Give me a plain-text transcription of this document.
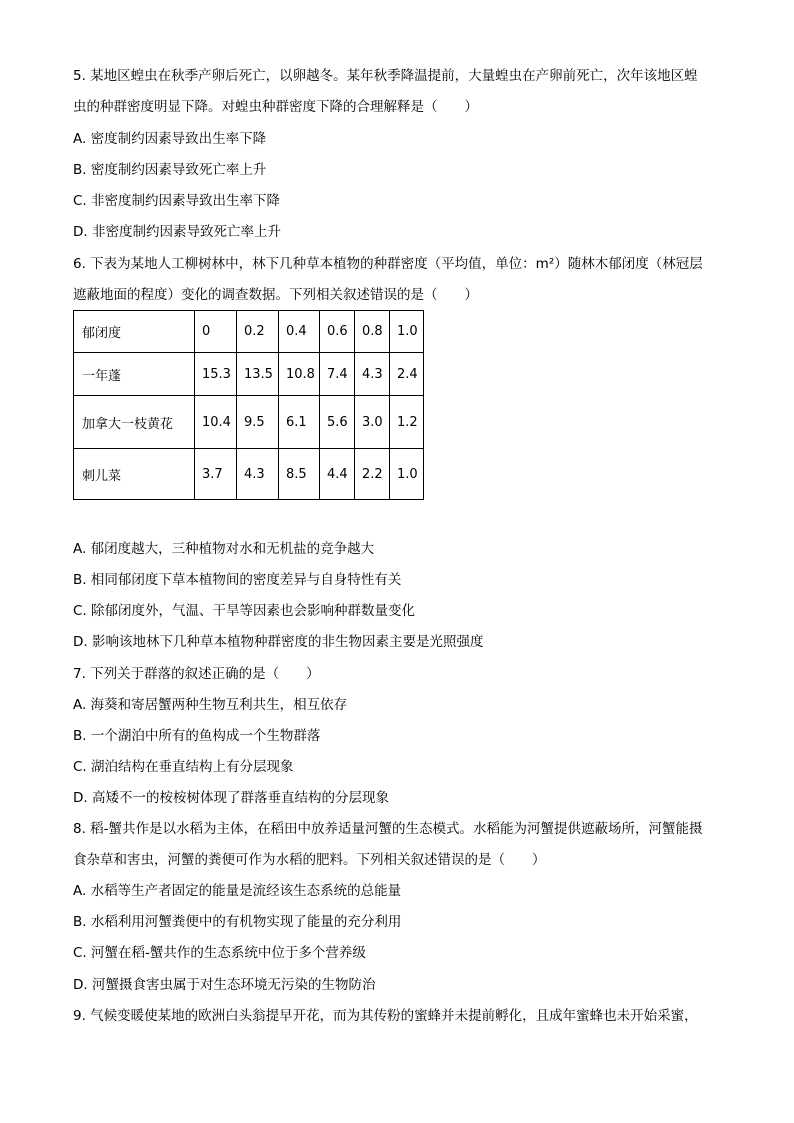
5. 某地区蝗虫在秋季产卵后死亡，以卵越冬。某年秋季降温提前，大量蝗虫在产卵前死亡，次年该地区蝗
虫的种群密度明显下降。对蝗虫种群密度下降的合理解释是（　　）
A. 密度制约因素导致出生率下降
B. 密度制约因素导致死亡率上升
C. 非密度制约因素导致出生率下降
D. 非密度制约因素导致死亡率上升
6. 下表为某地人工柳树林中，林下几种草本植物的种群密度（平均值，单位：m²）随林木郁闭度（林冠层
遮蔽地面的程度）变化的调查数据。下列相关叙述错误的是（　　）
郁闭度	0	0.2	0.4	0.6	0.8	1.0
一年蓬	15.3	13.5	10.8	7.4	4.3	2.4
加拿大一枝黄花	10.4	9.5	6.1	5.6	3.0	1.2
刺儿菜	3.7	4.3	8.5	4.4	2.2	1.0
A. 郁闭度越大，三种植物对水和无机盐的竞争越大
B. 相同郁闭度下草本植物间的密度差异与自身特性有关
C. 除郁闭度外，气温、干旱等因素也会影响种群数量变化
D. 影响该地林下几种草本植物种群密度的非生物因素主要是光照强度
7. 下列关于群落的叙述正确的是（　　）
A. 海葵和寄居蟹两种生物互利共生，相互依存
B. 一个湖泊中所有的鱼构成一个生物群落
C. 湖泊结构在垂直结构上有分层现象
D. 高矮不一的桉桉树体现了群落垂直结构的分层现象
8. 稻-蟹共作是以水稻为主体，在稻田中放养适量河蟹的生态模式。水稻能为河蟹提供遮蔽场所，河蟹能摄
食杂草和害虫，河蟹的粪便可作为水稻的肥料。下列相关叙述错误的是（　　）
A. 水稻等生产者固定的能量是流经该生态系统的总能量
B. 水稻利用河蟹粪便中的有机物实现了能量的充分利用
C. 河蟹在稻-蟹共作的生态系统中位于多个营养级
D. 河蟹摄食害虫属于对生态环境无污染的生物防治
9. 气候变暖使某地的欧洲白头翁提早开花，而为其传粉的蜜蜂并未提前孵化，且成年蜜蜂也未开始采蜜，
